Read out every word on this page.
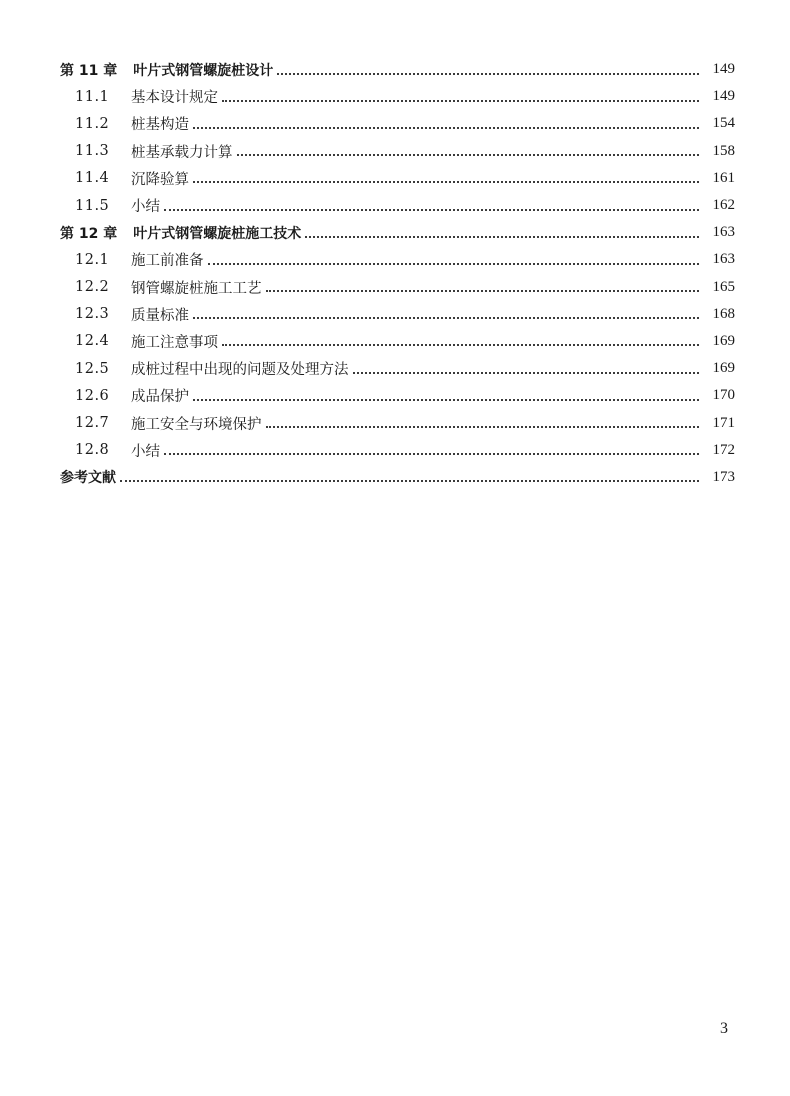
第 11 章 叶片式钢管螺旋桩设计	149
11.1	基本设计规定	149
11.2	桩基构造	154
11.3	桩基承载力计算	158
11.4	沉降验算	161
11.5	小结	162
第 12 章 叶片式钢管螺旋桩施工技术	163
12.1	施工前准备	163
12.2	钢管螺旋桩施工工艺	165
12.3	质量标准	168
12.4	施工注意事项	169
12.5	成桩过程中出现的问题及处理方法	169
12.6	成品保护	170
12.7	施工安全与环境保护	171
12.8	小结	172
参考文献	173
3
